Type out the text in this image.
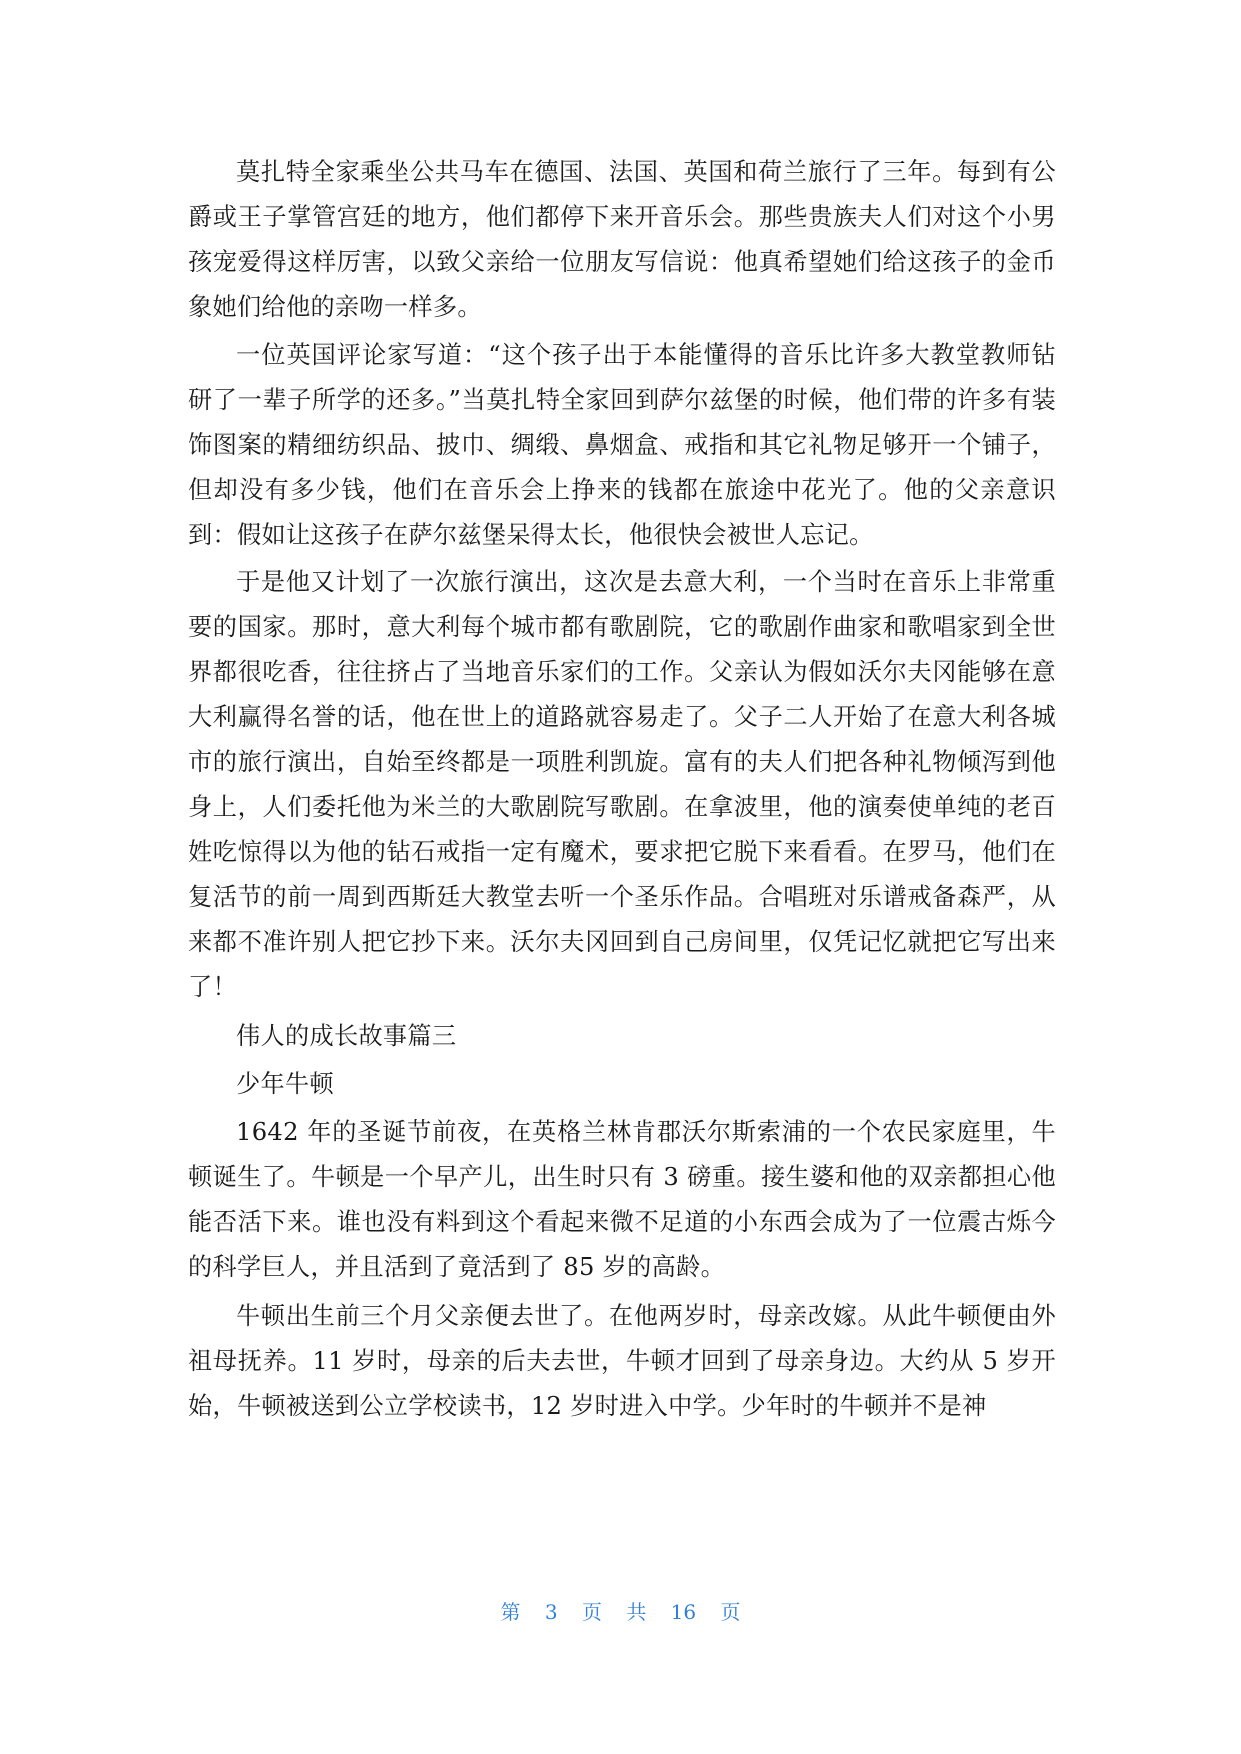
莫扎特全家乘坐公共马车在德国、法国、英国和荷兰旅行了三年。每到有公爵或王子掌管宫廷的地方，他们都停下来开音乐会。那些贵族夫人们对这个小男孩宠爱得这样厉害，以致父亲给一位朋友写信说：他真希望她们给这孩子的金币象她们给他的亲吻一样多。

一位英国评论家写道：“这个孩子出于本能懂得的音乐比许多大教堂教师钻研了一辈子所学的还多。”当莫扎特全家回到萨尔兹堡的时候，他们带的许多有装饰图案的精细纺织品、披巾、绸缎、鼻烟盒、戒指和其它礼物足够开一个铺子，但却没有多少钱，他们在音乐会上挣来的钱都在旅途中花光了。他的父亲意识到：假如让这孩子在萨尔兹堡呆得太长，他很快会被世人忘记。

于是他又计划了一次旅行演出，这次是去意大利，一个当时在音乐上非常重要的国家。那时，意大利每个城市都有歌剧院，它的歌剧作曲家和歌唱家到全世界都很吃香，往往挤占了当地音乐家们的工作。父亲认为假如沃尔夫冈能够在意大利赢得名誉的话，他在世上的道路就容易走了。父子二人开始了在意大利各城市的旅行演出，自始至终都是一项胜利凯旋。富有的夫人们把各种礼物倾泻到他身上，人们委托他为米兰的大歌剧院写歌剧。在拿波里，他的演奏使单纯的老百姓吃惊得以为他的钻石戒指一定有魔术，要求把它脱下来看看。在罗马，他们在复活节的前一周到西斯廷大教堂去听一个圣乐作品。合唱班对乐谱戒备森严，从来都不准许别人把它抄下来。沃尔夫冈回到自己房间里，仅凭记忆就把它写出来了！

伟人的成长故事篇三

少年牛顿

1642 年的圣诞节前夜，在英格兰林肯郡沃尔斯索浦的一个农民家庭里，牛顿诞生了。牛顿是一个早产儿，出生时只有 3 磅重。接生婆和他的双亲都担心他能否活下来。谁也没有料到这个看起来微不足道的小东西会成为了一位震古烁今的科学巨人，并且活到了竟活到了 85 岁的高龄。

牛顿出生前三个月父亲便去世了。在他两岁时，母亲改嫁。从此牛顿便由外祖母抚养。11 岁时，母亲的后夫去世，牛顿才回到了母亲身边。大约从 5 岁开始，牛顿被送到公立学校读书，12 岁时进入中学。少年时的牛顿并不是神

第 3 页 共 16 页
